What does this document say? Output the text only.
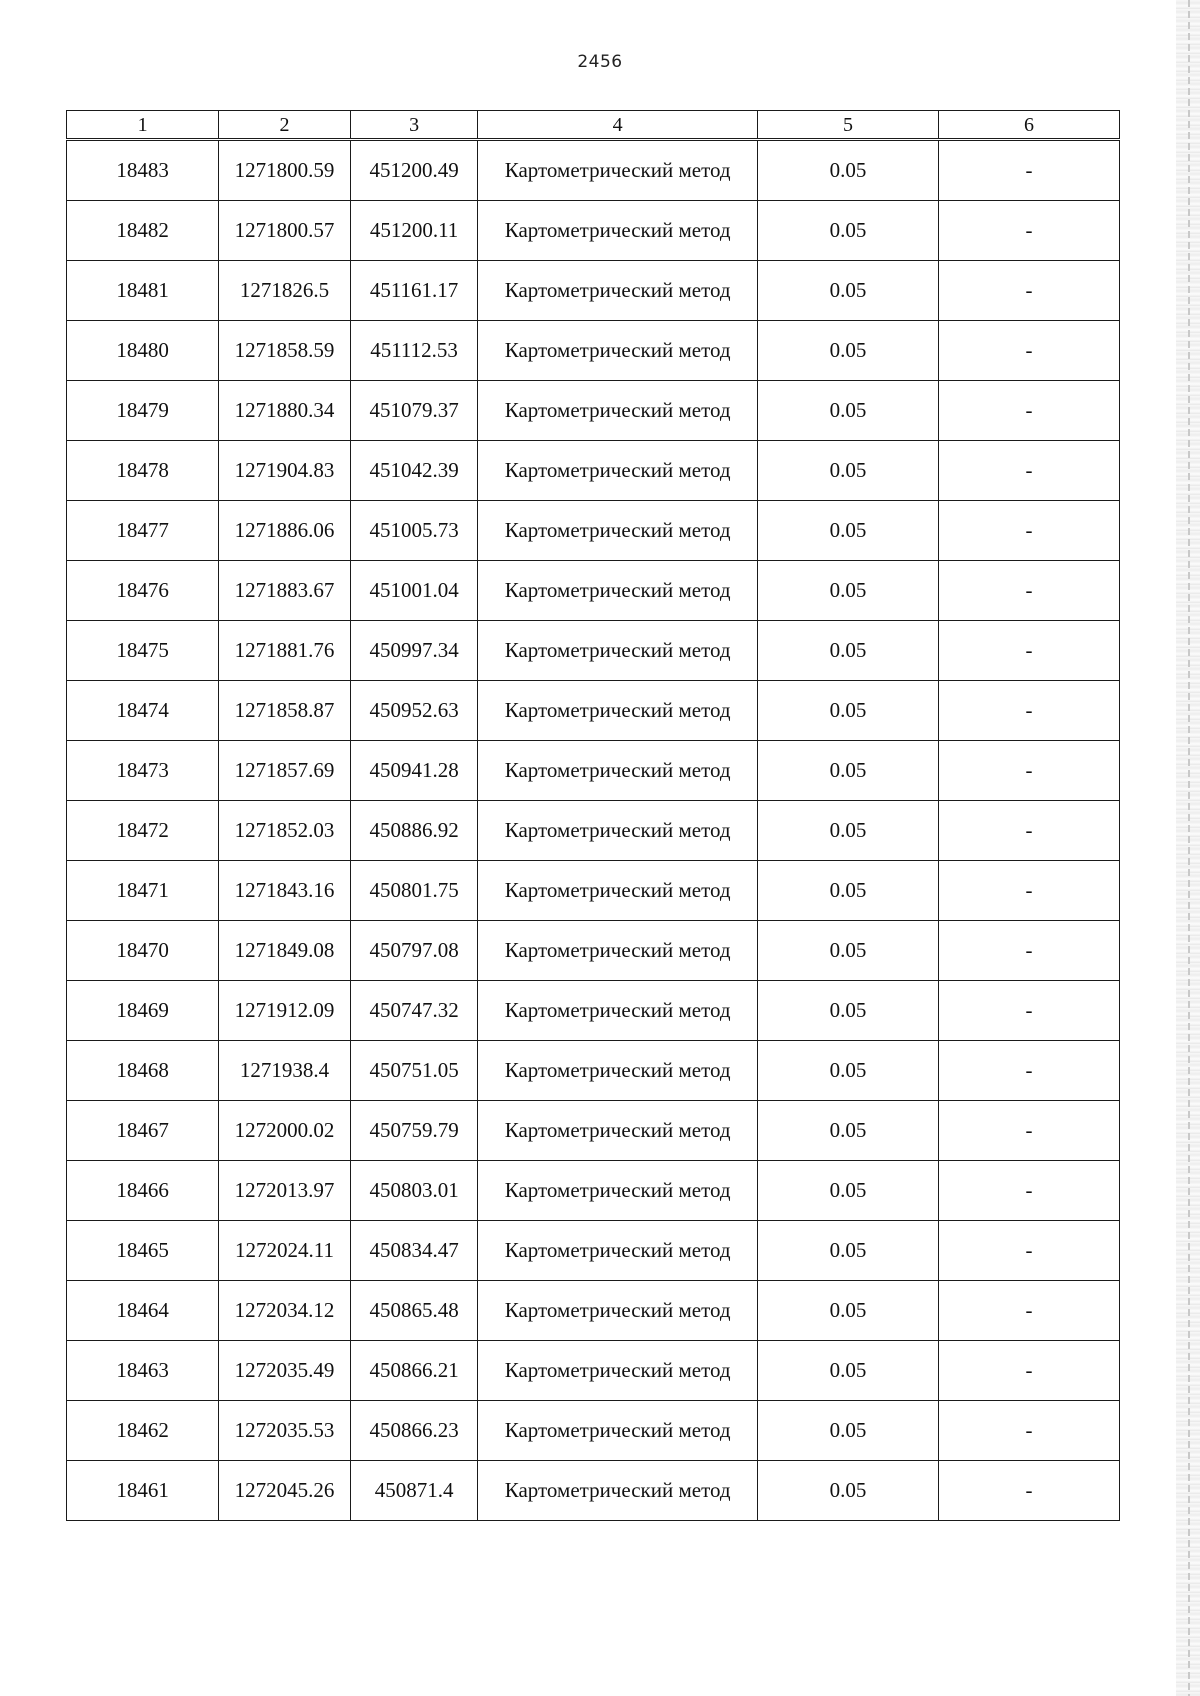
2456
1	2	3	4	5	6
18483	1271800.59	451200.49	Картометрический метод	0.05	-
18482	1271800.57	451200.11	Картометрический метод	0.05	-
18481	1271826.5	451161.17	Картометрический метод	0.05	-
18480	1271858.59	451112.53	Картометрический метод	0.05	-
18479	1271880.34	451079.37	Картометрический метод	0.05	-
18478	1271904.83	451042.39	Картометрический метод	0.05	-
18477	1271886.06	451005.73	Картометрический метод	0.05	-
18476	1271883.67	451001.04	Картометрический метод	0.05	-
18475	1271881.76	450997.34	Картометрический метод	0.05	-
18474	1271858.87	450952.63	Картометрический метод	0.05	-
18473	1271857.69	450941.28	Картометрический метод	0.05	-
18472	1271852.03	450886.92	Картометрический метод	0.05	-
18471	1271843.16	450801.75	Картометрический метод	0.05	-
18470	1271849.08	450797.08	Картометрический метод	0.05	-
18469	1271912.09	450747.32	Картометрический метод	0.05	-
18468	1271938.4	450751.05	Картометрический метод	0.05	-
18467	1272000.02	450759.79	Картометрический метод	0.05	-
18466	1272013.97	450803.01	Картометрический метод	0.05	-
18465	1272024.11	450834.47	Картометрический метод	0.05	-
18464	1272034.12	450865.48	Картометрический метод	0.05	-
18463	1272035.49	450866.21	Картометрический метод	0.05	-
18462	1272035.53	450866.23	Картометрический метод	0.05	-
18461	1272045.26	450871.4	Картометрический метод	0.05	-
